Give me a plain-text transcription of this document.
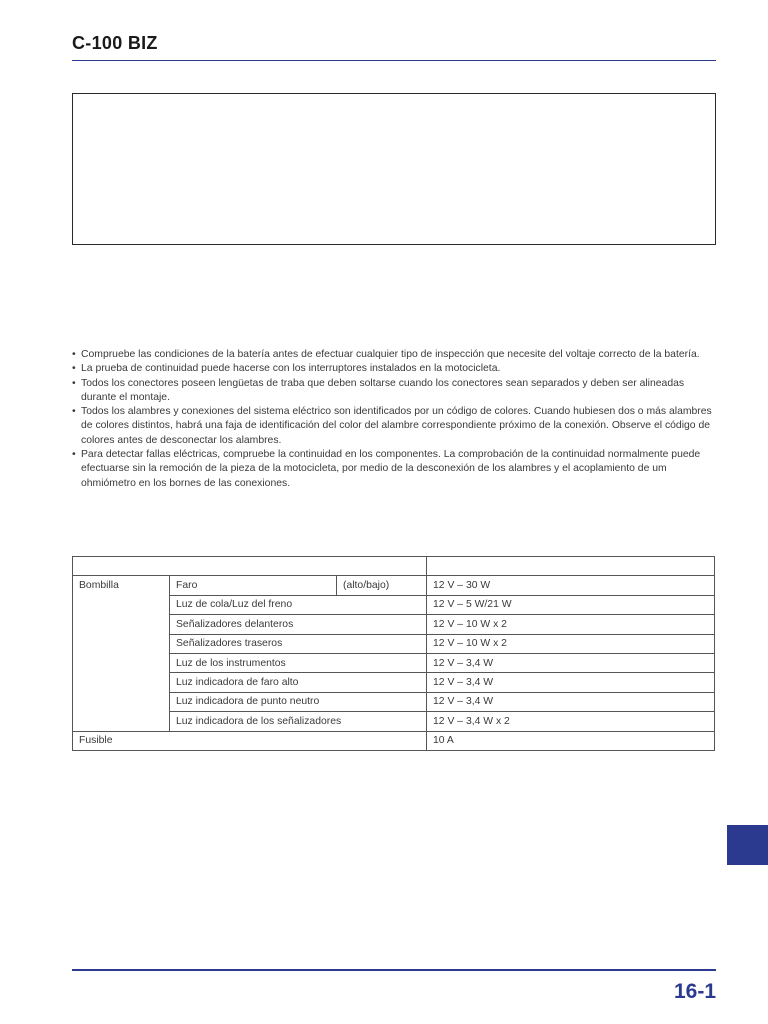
C-100 BIZ
• Compruebe las condiciones de la batería antes de efectuar cualquier tipo de inspección que necesite del voltaje correcto de la batería.
• La prueba de continuidad puede hacerse con los interruptores instalados en la motocicleta.
• Todos los conectores poseen lengüetas de traba que deben soltarse cuando los conectores sean separados y deben ser alineadas durante el montaje.
• Todos los alambres y conexiones del sistema eléctrico son identificados por un código de colores. Cuando hubiesen dos o más alambres de colores distintos, habrá una faja de identificación del color del alambre correspondiente próximo de la conexión. Observe el código de colores antes de desconectar los alambres.
• Para detectar fallas eléctricas, compruebe la continuidad en los componentes. La comprobación de la continuidad normalmente puede efectuarse sin la remoción de la pieza de la motocicleta, por medio de la desconexión de los alambres y el acoplamiento de um ohmiómetro en los bornes de las conexiones.

Bombilla	Faro	(alto/bajo)	12 V – 30 W
	Luz de cola/Luz del freno		12 V – 5 W/21 W
	Señalizadores delanteros		12 V – 10 W x 2
	Señalizadores traseros		12 V – 10 W x 2
	Luz de los instrumentos		12 V – 3,4 W
	Luz indicadora de faro alto		12 V – 3,4 W
	Luz indicadora de punto neutro		12 V – 3,4 W
	Luz indicadora de los señalizadores		12 V – 3,4 W x 2
Fusible			10 A
16-1
